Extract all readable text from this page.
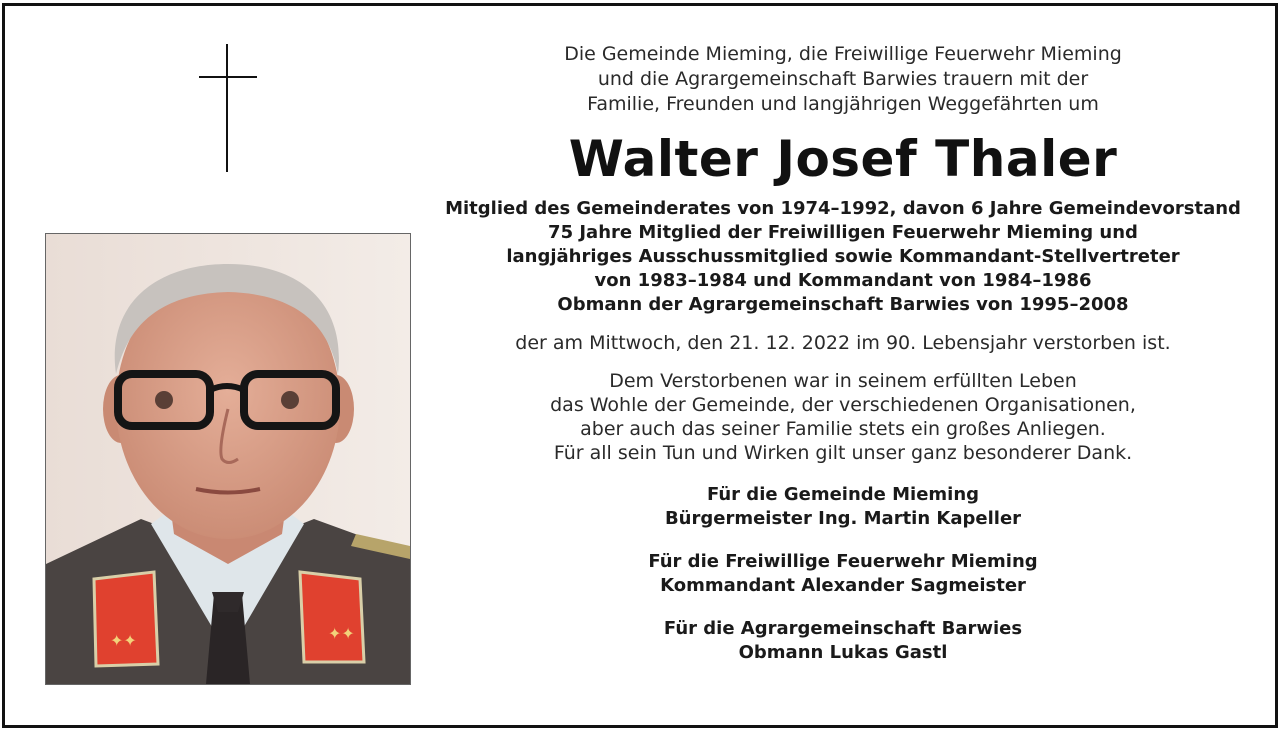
✦✦	✦✦
Die Gemeinde Mieming, die Freiwillige Feuerwehr Mieming
und die Agrargemeinschaft Barwies trauern mit der
Familie, Freunden und langjährigen Weggefährten um
Walter Josef Thaler
Mitglied des Gemeinderates von 1974–1992, davon 6 Jahre Gemeindevorstand
75 Jahre Mitglied der Freiwilligen Feuerwehr Mieming und
langjähriges Ausschussmitglied sowie Kommandant-Stellvertreter
von 1983–1984 und Kommandant von 1984–1986
Obmann der Agrargemeinschaft Barwies von 1995–2008
der am Mittwoch, den 21. 12. 2022 im 90. Lebensjahr verstorben ist.
Dem Verstorbenen war in seinem erfüllten Leben
das Wohle der Gemeinde, der verschiedenen Organisationen,
aber auch das seiner Familie stets ein großes Anliegen.
Für all sein Tun und Wirken gilt unser ganz besonderer Dank.
Für die Gemeinde Mieming
Bürgermeister Ing. Martin Kapeller
Für die Freiwillige Feuerwehr Mieming
Kommandant Alexander Sagmeister
Für die Agrargemeinschaft Barwies
Obmann Lukas Gastl
